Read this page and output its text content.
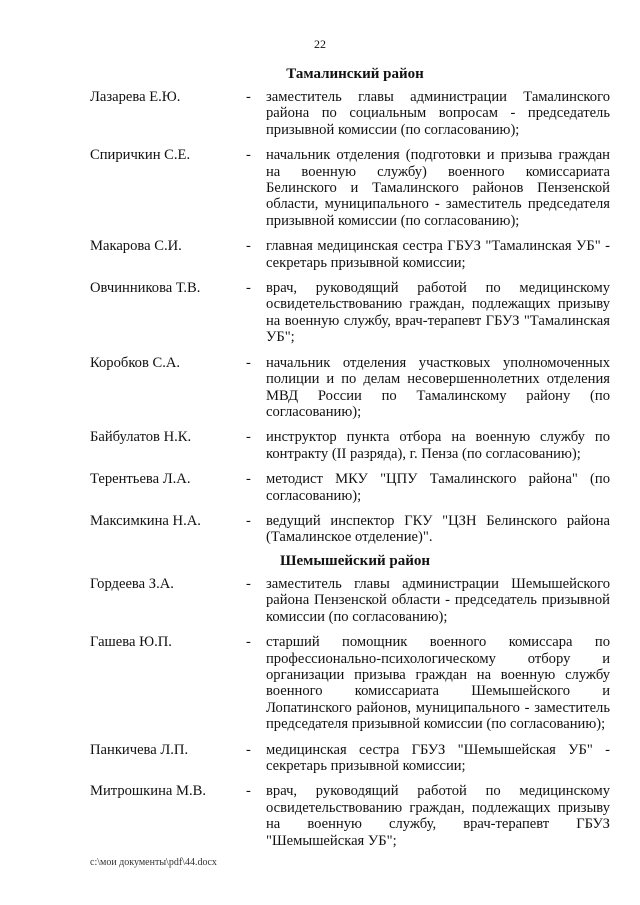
22
Тамалинский район
Лазарева Е.Ю.	- заместитель главы администрации Тамалинского района по социальным вопросам - председатель призывной комиссии (по согласованию);
Спиричкин С.Е.	- начальник отделения (подготовки и призыва граждан на военную службу) военного комиссариата Белинского и Тамалинского районов Пензенской области, муниципального - заместитель председателя призывной комиссии (по согласованию);
Макарова С.И.	- главная медицинская сестра ГБУЗ "Тамалинская УБ" - секретарь призывной комиссии;
Овчинникова Т.В.	- врач, руководящий работой по медицинскому освидетельствованию граждан, подлежащих призыву на военную службу, врач-терапевт ГБУЗ "Тамалинская УБ";
Коробков С.А.	- начальник отделения участковых уполномоченных полиции и по делам несовершеннолетних отделения МВД России по Тамалинскому району (по согласованию);
Байбулатов Н.К.	- инструктор пункта отбора на военную службу по контракту (II разряда), г. Пенза (по согласованию);
Терентьева Л.А.	- методист МКУ "ЦПУ Тамалинского района" (по согласованию);
Максимкина Н.А.	- ведущий инспектор ГКУ "ЦЗН Белинского района (Тамалинское отделение)".
Шемышейский район
Гордеева З.А.	- заместитель главы администрации Шемышейского района Пензенской области - председатель призывной комиссии (по согласованию);
Гашева Ю.П.	- старший помощник военного комиссара по профессионально-психологическому отбору и организации призыва граждан на военную службу военного комиссариата Шемышейского и Лопатинского районов, муниципального - заместитель председателя призывной комиссии (по согласованию);
Панкичева Л.П.	- медицинская сестра ГБУЗ "Шемышейская УБ" - секретарь призывной комиссии;
Митрошкина М.В.	- врач, руководящий работой по медицинскому освидетельствованию граждан, подлежащих призыву на военную службу, врач-терапевт ГБУЗ "Шемышейская УБ";
c:\мои документы\pdf\44.docx
